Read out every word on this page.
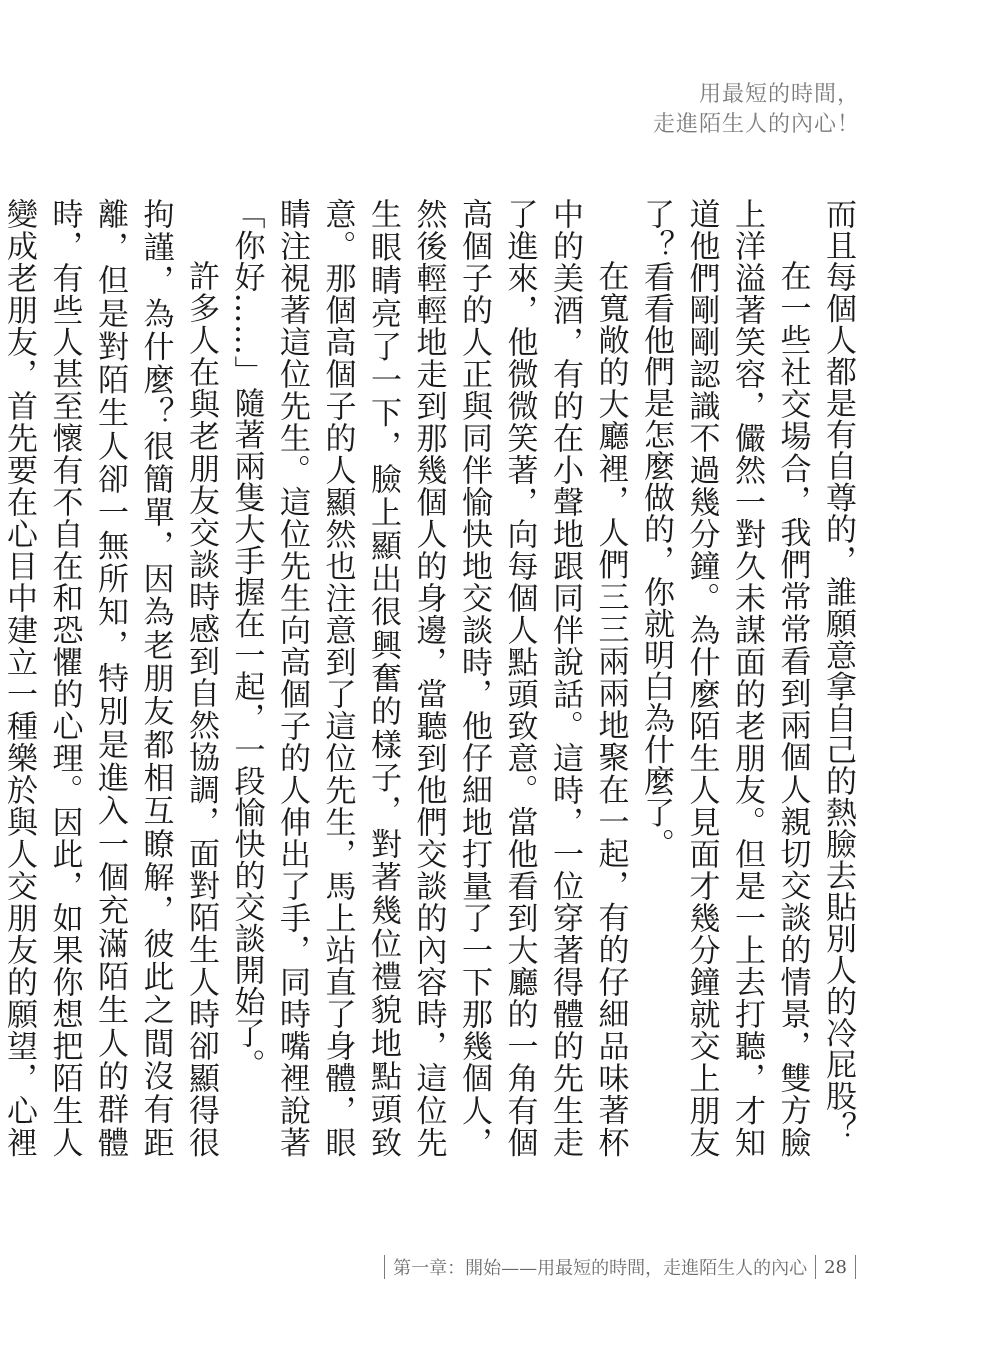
用最短的時間，
走進陌生人的內心！

而且每個人都是有自尊的，誰願意拿自己的熱臉去貼別人的冷屁股？

在一些社交場合，我們常常看到兩個人親切交談的情景，雙方臉上洋溢著笑容，儼然一對久未謀面的老朋友。但是一上去打聽，才知道他們剛剛認識不過幾分鐘。為什麼陌生人見面才幾分鐘就交上朋友了？看看他們是怎麼做的，你就明白為什麼了。

在寬敞的大廳裡，人們三三兩兩地聚在一起，有的仔細品味著杯中的美酒，有的在小聲地跟同伴說話。這時，一位穿著得體的先生走了進來，他微微笑著，向每個人點頭致意。當他看到大廳的一角有個高個子的人正與同伴愉快地交談時，他仔細地打量了一下那幾個人，然後輕輕地走到那幾個人的身邊，當聽到他們交談的內容時，這位先生眼睛亮了一下，臉上顯出很興奮的樣子，對著幾位禮貌地點頭致意。那個高個子的人顯然也注意到了這位先生，馬上站直了身體，眼睛注視著這位先生。這位先生向高個子的人伸出了手，同時嘴裡說著「你好……」隨著兩隻大手握在一起，一段愉快的交談開始了。

許多人在與老朋友交談時感到自然協調，面對陌生人時卻顯得很拘謹，為什麼？很簡單，因為老朋友都相互瞭解，彼此之間沒有距離，但是對陌生人卻一無所知，特別是進入一個充滿陌生人的群體時，有些人甚至懷有不自在和恐懼的心理。因此，如果你想把陌生人變成老朋友，首先要在心目中建立一種樂於與人交朋友的願望，心裡

第一章：開始——用最短的時間，走進陌生人的內心 28
